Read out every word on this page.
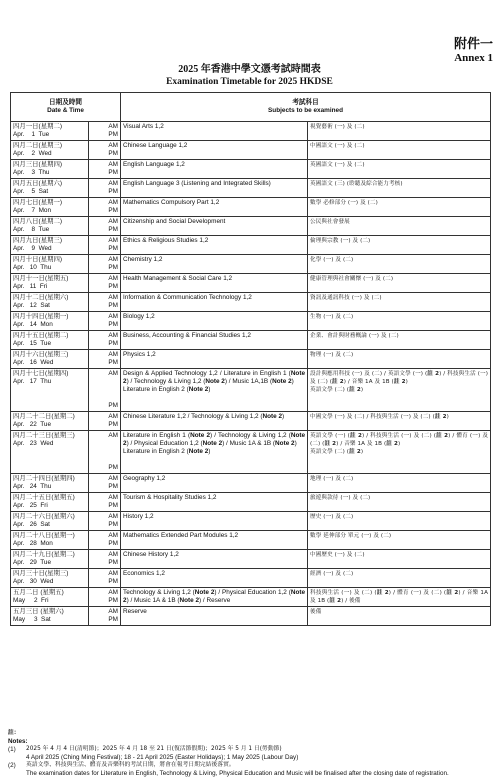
附件一
Annex 1
2025 年香港中學文憑考試時間表
Examination Timetable for 2025 HKDSE
日期及時間
Date & Time		考試科目
Subjects to be examined	

四月一日(星期二)
Apr.    1  Tue	AM
PM	Visual Arts 1,2	視覺藝術 (一) 及 (二)

四月二日(星期三)
Apr.    2  Wed	AM
PM	Chinese Language 1,2	中國語文 (一) 及 (二)

四月三日(星期四)
Apr.    3  Thu	AM
PM	English Language 1,2	英國語文 (一) 及 (二)

四月五日(星期六)
Apr.    5  Sat	AM
PM	English Language 3 (Listening and Integrated Skills)	英國語文 (三) (聆聽及綜合能力考核)

四月七日(星期一)
Apr.    7  Mon	AM
PM	Mathematics Compulsory Part 1,2	數學 必修部分 (一) 及 (二)

四月八日(星期二)
Apr.    8  Tue	AM
PM	Citizenship and Social Development	公民與社會發展

四月九日(星期三)
Apr.    9  Wed	AM
PM	Ethics & Religious Studies 1,2	倫理與宗教 (一) 及 (二)

四月十日(星期四)
Apr.   10  Thu	AM
PM	Chemistry 1,2	化學 (一) 及 (二)

四月十一日(星期五)
Apr.   11  Fri	AM
PM	Health Management & Social Care 1,2	健康管理與社會關懷 (一) 及 (二)

四月十二日(星期六)
Apr.   12  Sat	AM
PM	Information & Communication Technology 1,2	資訊及通訊科技 (一) 及 (二)

四月十四日(星期一)
Apr.   14  Mon	AM
PM	Biology 1,2	生物 (一) 及 (二)

四月十五日(星期二)
Apr.   15  Tue	AM
PM	Business, Accounting & Financial Studies 1,2	企業、會計與財務概論 (一) 及 (二)

四月十六日(星期三)
Apr.   16  Wed	AM
PM	Physics 1,2	物理 (一) 及 (二)

四月十七日(星期四)
Apr.   17  Thu	AM
PM	Design & Applied Technology 1,2 / Literature in English 1 (Note 2) / Technology & Living 1,2 (Note 2) / Music 1A,1B (Note 2)
Literature in English 2 (Note 2)	設計與應用科技 (一) 及 (二) / 英語文學 (一) (註 2) / 科技與生活 (一) 及 (二) (註 2) / 音樂 1A 及 1B (註 2)
英語文學 (二) (註 2)

四月二十二日(星期二)
Apr.   22  Tue	AM
PM	Chinese Literature 1,2 / Technology & Living 1,2 (Note 2)	中國文學 (一) 及 (二) / 科技與生活 (一) 及 (二) (註 2)

四月二十三日(星期三)
Apr.   23  Wed	AM
PM	Literature in English 1 (Note 2) / Technology & Living 1,2 (Note 2) / Physical Education 1,2 (Note 2) / Music 1A & 1B (Note 2)
Literature in English 2 (Note 2)	英語文學 (一) (註 2) / 科技與生活 (一) 及 (二) (註 2) / 體育 (一) 及 (二) (註 2) / 音樂 1A 及 1B (註 2)
英語文學 (二) (註 2)

四月二十四日(星期四)
Apr.   24  Thu	AM
PM	Geography 1,2	地理 (一) 及 (二)

四月二十五日(星期五)
Apr.   25  Fri	AM
PM	Tourism & Hospitality Studies 1,2	旅遊與款待 (一) 及 (二)

四月二十六日(星期六)
Apr.   26  Sat	AM
PM	History 1,2	歷史 (一) 及 (二)

四月二十八日(星期一)
Apr.   28  Mon	AM
PM	Mathematics Extended Part Modules 1,2	數學 延伸部分 單元 (一) 及 (二)

四月二十九日(星期二)
Apr.   29  Tue	AM
PM	Chinese History 1,2	中國歷史 (一) 及 (二)

四月三十日(星期三)
Apr.   30  Wed	AM
PM	Economics 1,2	經濟 (一) 及 (二)

五月二日 (星期五)
May     2  Fri	AM
PM	Technology & Living 1,2 (Note 2) / Physical Education 1,2 (Note 2) / Music 1A & 1B (Note 2) / Reserve	科技與生活 (一) 及 (二) (註 2) / 體育 (一) 及 (二) (註 2) / 音樂 1A 及 1B (註 2) / 後備

五月三日 (星期六)
May     3  Sat	AM
PM	Reserve	後備
註：
Notes:
(1)	2025 年 4 月 4 日(清明節)；2025 年 4 月 18 至 21 日(復活節假期)；2025 年 5 月 1 日(勞動節)
4 April 2025 (Ching Ming Festival); 18 - 21 April 2025 (Easter Holidays); 1 May 2025 (Labour Day)
(2)	英語文學、科技與生活、體育及音樂科的考試日期，將會在報考日期完結後落實。
The examination dates for Literature in English, Technology & Living, Physical Education and Music will be finalised after the closing date of registration.
